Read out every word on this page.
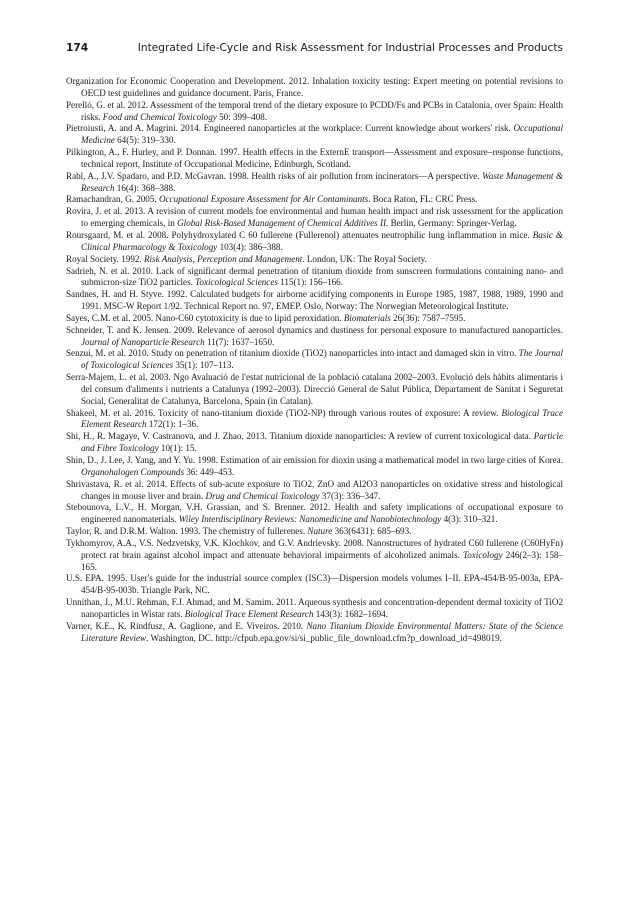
174	Integrated Life-Cycle and Risk Assessment for Industrial Processes and Products

Organization for Economic Cooperation and Development. 2012. Inhalation toxicity testing: Expert meeting on potential revisions to OECD test guidelines and guidance document. Paris, France.

Perelló, G. et al. 2012. Assessment of the temporal trend of the dietary exposure to PCDD/Fs and PCBs in Catalonia, over Spain: Health risks. Food and Chemical Toxicology 50: 399–408.

Pietroiusti, A. and A. Magrini. 2014. Engineered nanoparticles at the workplace: Current knowledge about workers' risk. Occupational Medicine 64(5): 319–330.

Pilkington, A., F. Hurley, and P. Donnan. 1997. Health effects in the ExternE transport—Assessment and exposure–response functions, technical report, Institute of Occupational Medicine, Edinburgh, Scotland.

Rabl, A., J.V. Spadaro, and P.D. McGavran. 1998. Health risks of air pollution from incinerators—A perspective. Waste Management & Research 16(4): 368–388.

Ramachandran, G. 2005. Occupational Exposure Assessment for Air Contaminants. Boca Raton, FL: CRC Press.

Rovira, J. et al. 2013. A revision of current models foe environmental and human health impact and risk assessment for the application to emerging chemicals, in Global Risk-Based Management of Chemical Additives II. Berlin, Germany: Springer-Verlag.

Roursgaard, M. et al. 2008. Polyhydroxylated C 60 fullerene (Fullerenol) attenuates neutrophilic lung inflammation in mice. Basic & Clinical Pharmacology & Toxicology 103(4): 386–388.

Royal Society. 1992. Risk Analysis, Perception and Management. London, UK: The Royal Society.

Sadrieh, N. et al. 2010. Lack of significant dermal penetration of titanium dioxide from sunscreen formulations containing nano- and submicron-size TiO2 particles. Toxicological Sciences 115(1): 156–166.

Sandnes, H. and H. Styve. 1992. Calculated budgets for airborne acidifying components in Europe 1985, 1987, 1988, 1989, 1990 and 1991. MSC-W Report 1/92. Technical Report no. 97, EMEP. Oslo, Norway: The Norwegian Meteorological Institute.

Sayes, C.M. et al. 2005. Nano-C60 cytotoxicity is due to lipid peroxidation. Biomaterials 26(36): 7587–7595.

Schneider, T. and K. Jensen. 2009. Relevance of aerosol dynamics and dustiness for personal exposure to manufactured nanoparticles. Journal of Nanoparticle Research 11(7): 1637–1650.

Senzui, M. et al. 2010. Study on penetration of titanium dioxide (TiO2) nanoparticles into intact and damaged skin in vitro. The Journal of Toxicological Sciences 35(1): 107–113.

Serra-Majem, L. et al. 2003. Ngo Avaluació de l'estat nutricional de la població catalana 2002–2003. Evolució dels hàbits alimentaris i del consum d'aliments i nutrients a Catalunya (1992–2003). Direcció General de Salut Pública, Departament de Sanitat i Seguretat Social, Generalitat de Catalunya, Barcelona, Spain (in Catalan).

Shakeel, M. et al. 2016. Toxicity of nano-titanium dioxide (TiO2-NP) through various routes of exposure: A review. Biological Trace Element Research 172(1): 1–36.

Shi, H., R. Magaye, V. Castranova, and J. Zhao. 2013. Titanium dioxide nanoparticles: A review of current toxicological data. Particle and Fibre Toxicology 10(1): 15.

Shin, D., J. Lee, J. Yang, and Y. Yu. 1998. Estimation of air emission for dioxin using a mathematical model in two large cities of Korea. Organohalogen Compounds 36: 449–453.

Shrivastava, R. et al. 2014. Effects of sub-acute exposure to TiO2, ZnO and Al2O3 nanoparticles on oxidative stress and histological changes in mouse liver and brain. Drug and Chemical Toxicology 37(3): 336–347.

Stebounova, L.V., H. Morgan, V.H. Grassian, and S. Brenner. 2012. Health and safety implications of occupational exposure to engineered nanomaterials. Wiley Interdisciplinary Reviews: Nanomedicine and Nanobiotechnology 4(3): 310–321.

Taylor, R. and D.R.M. Walton. 1993. The chemistry of fullerenes. Nature 363(6431): 685–693.

Tykhomyrov, A.A., V.S. Nedzvetsky, V.K. Klochkov, and G.V. Andrievsky. 2008. Nanostructures of hydrated C60 fullerene (C60HyFn) protect rat brain against alcohol impact and attenuate behavioral impairments of alcoholized animals. Toxicology 246(2–3): 158–165.

U.S. EPA. 1995. User's guide for the industrial source complex (ISC3)—Dispersion models volumes I–II. EPA-454/B-95-003a, EPA-454/B-95-003b. Triangle Park, NC.

Unnithan, J., M.U. Rehman, F.J. Ahmad, and M. Samim. 2011. Aqueous synthesis and concentration-dependent dermal toxicity of TiO2 nanoparticles in Wistar rats. Biological Trace Element Research 143(3): 1682–1694.

Varner, K.E., K. Rindfusz, A. Gaglione, and E. Viveiros. 2010. Nano Titanium Dioxide Environmental Matters: State of the Science Literature Review. Washington, DC. http://cfpub.epa.gov/si/si_public_file_download.cfm?p_download_id=498019.
